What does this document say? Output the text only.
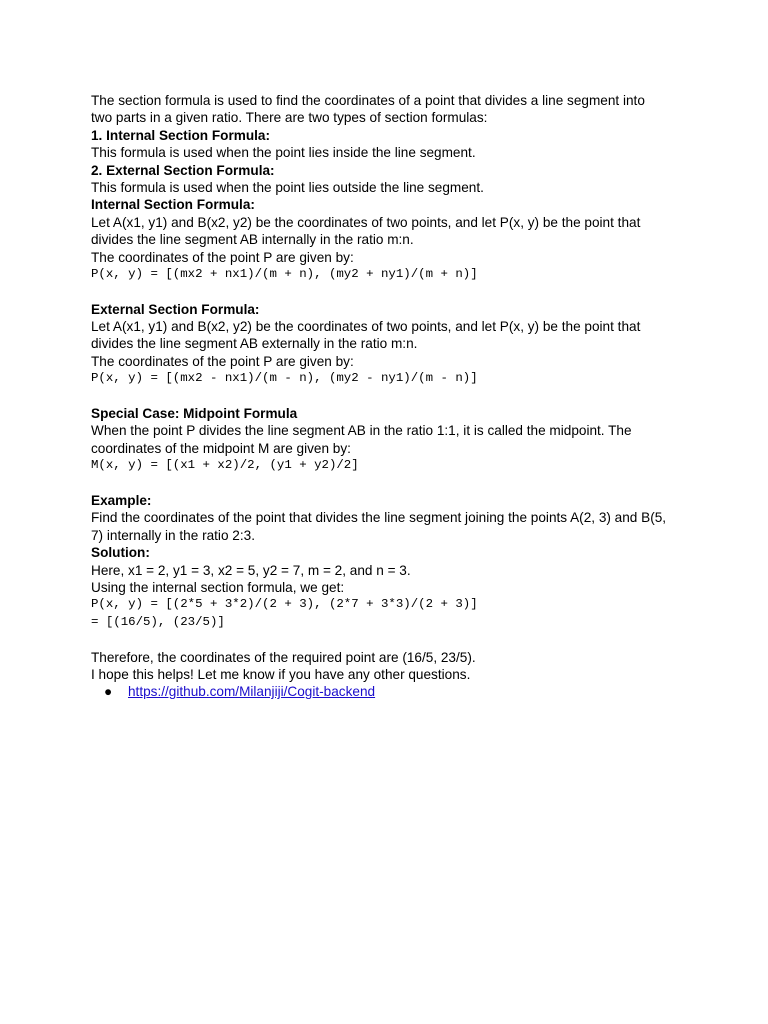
The section formula is used to find the coordinates of a point that divides a line segment into
two parts in a given ratio. There are two types of section formulas:
1. Internal Section Formula:
This formula is used when the point lies inside the line segment.
2. External Section Formula:
This formula is used when the point lies outside the line segment.
Internal Section Formula:
Let A(x1, y1) and B(x2, y2) be the coordinates of two points, and let P(x, y) be the point that
divides the line segment AB internally in the ratio m:n.
The coordinates of the point P are given by:
P(x, y) = [(mx2 + nx1)/(m + n), (my2 + ny1)/(m + n)]
External Section Formula:
Let A(x1, y1) and B(x2, y2) be the coordinates of two points, and let P(x, y) be the point that
divides the line segment AB externally in the ratio m:n.
The coordinates of the point P are given by:
P(x, y) = [(mx2 - nx1)/(m - n), (my2 - ny1)/(m - n)]
Special Case: Midpoint Formula
When the point P divides the line segment AB in the ratio 1:1, it is called the midpoint. The
coordinates of the midpoint M are given by:
M(x, y) = [(x1 + x2)/2, (y1 + y2)/2]
Example:
Find the coordinates of the point that divides the line segment joining the points A(2, 3) and B(5,
7) internally in the ratio 2:3.
Solution:
Here, x1 = 2, y1 = 3, x2 = 5, y2 = 7, m = 2, and n = 3.
Using the internal section formula, we get:
P(x, y) = [(2*5 + 3*2)/(2 + 3), (2*7 + 3*3)/(2 + 3)]
= [(16/5), (23/5)]
Therefore, the coordinates of the required point are (16/5, 23/5).
I hope this helps! Let me know if you have any other questions.
● https://github.com/Milanjiji/Cogit-backend
